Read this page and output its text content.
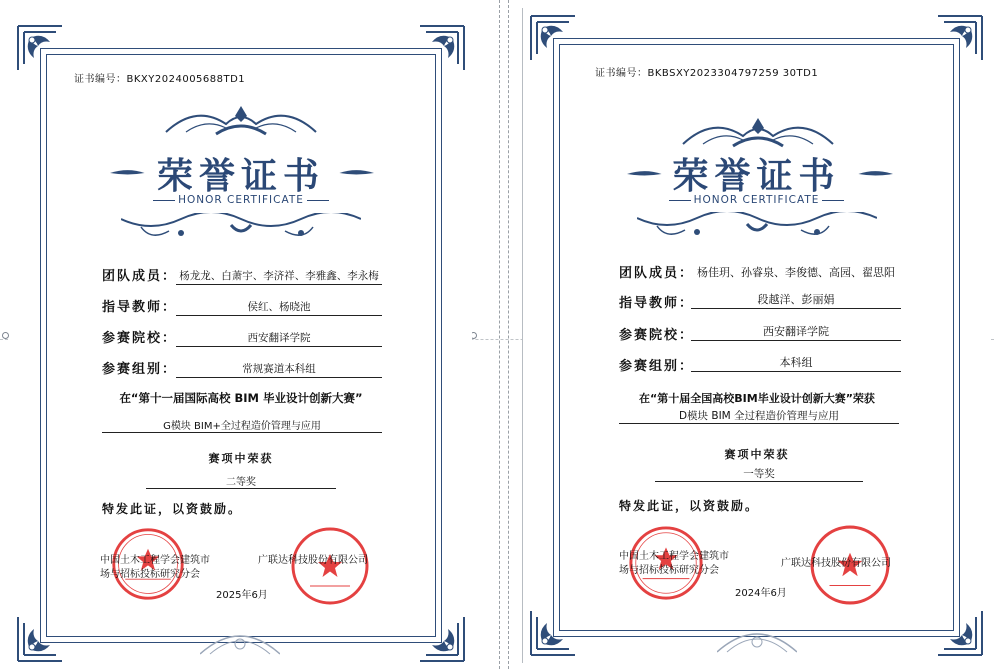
证书编号：BKXY2024005688TD1
荣誉证书
HONOR CERTIFICATE
团队成员： 杨龙龙、白萧宇、李济祥、李雅鑫、李永梅
指导教师：	侯红、杨晓池
参赛院校：	西安翻译学院
参赛组别：	常规赛道本科组
在“第十一届国际高校 BIM 毕业设计创新大赛”
G模块 BIM+全过程造价管理与应用
赛项中荣获
二等奖
特发此证，以资鼓励。
中国土木工程学会建筑市
场与招标投标研究分会
广联达科技股份有限公司
2025年6月
证书编号：BKBSXY2023304797259 30TD1
荣誉证书
HONOR CERTIFICATE
团队成员： 杨佳玥、孙睿泉、李俊德、高园、翟思阳
指导教师：	段越洋、彭丽娟
参赛院校：	西安翻译学院
参赛组别：	本科组
在“第十届全国高校BIM毕业设计创新大赛”荣获
D模块 BIM 全过程造价管理与应用
赛项中荣获
一等奖
特发此证，以资鼓励。
中国土木工程学会建筑市
场与招标投标研究分会
广联达科技股份有限公司
2024年6月
